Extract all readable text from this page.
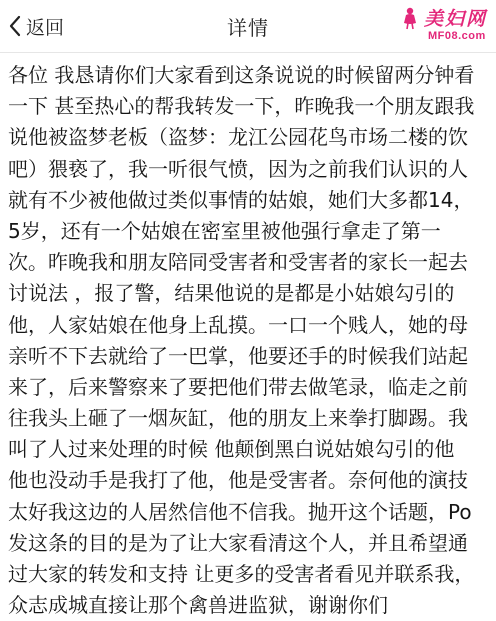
返回	详情	美妇网
MF08.com
各位 我恳请你们大家看到这条说说的时候留两分钟看
一下 甚至热心的帮我转发一下，昨晚我一个朋友跟我
说他被盗梦老板（盗梦：龙江公园花鸟市场二楼的饮
吧）猥亵了，我一听很气愤，因为之前我们认识的人
就有不少被他做过类似事情的姑娘，她们大多都14，
5岁，还有一个姑娘在密室里被他强行拿走了第一
次。昨晚我和朋友陪同受害者和受害者的家长一起去
讨说法 ，报了警，结果他说的是都是小姑娘勾引的
他，人家姑娘在他身上乱摸。一口一个贱人，她的母
亲听不下去就给了一巴掌，他要还手的时候我们站起
来了，后来警察来了要把他们带去做笔录，临走之前
往我头上砸了一烟灰缸，他的朋友上来拳打脚踢。我
叫了人过来处理的时候 他颠倒黑白说姑娘勾引的他
他也没动手是我打了他，他是受害者。奈何他的演技
太好我这边的人居然信他不信我。抛开这个话题，Po
发这条的目的是为了让大家看清这个人，并且希望通
过大家的转发和支持 让更多的受害者看见并联系我，
众志成城直接让那个禽兽进监狱，谢谢你们
